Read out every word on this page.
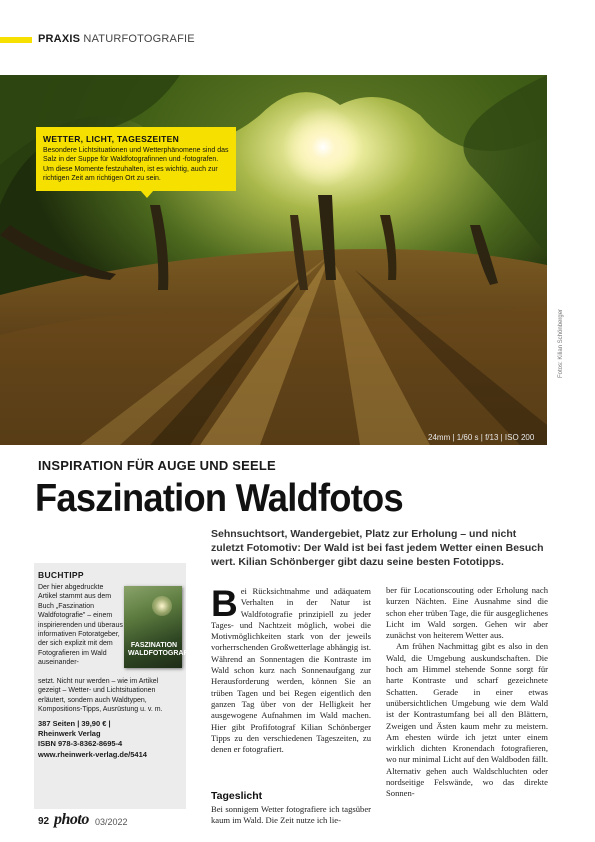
PRAXIS NATURFOTOGRAFIE
24mm | 1/60 s | f/13 | ISO 200
Fotos: Kilian Schönberger
WETTER, LICHT, TAGESZEITEN
Besondere Lichtsituationen und Wetterphänomene sind das Salz in der Suppe für Waldfotografinnen und -fotografen. Um diese Momente festzuhalten, ist es wichtig, auch zur richtigen Zeit am richtigen Ort zu sein.
INSPIRATION FÜR AUGE UND SEELE
Faszination Waldfotos
Sehnsuchtsort, Wandergebiet, Platz zur Erholung – und nicht zuletzt Fotomotiv: Der Wald ist bei fast jedem Wetter einen Besuch wert. Kilian Schönberger gibt dazu seine besten Fototipps.
BUCHTIPP
Der hier abgedruckte Artikel stammt aus dem Buch „Faszination Waldfotografie" – einem inspirierenden und überaus informativen Fotoratgeber, der sich explizit mit dem Fotografieren im Wald auseinander-
FASZINATION WALDFOTOGRAFIE
setzt. Nicht nur werden – wie im Artikel gezeigt – Wetter- und Lichtsituationen erläutert, sondern auch Waldtypen, Kompositions-Tipps, Ausrüstung u. v. m.
387 Seiten | 39,90 € |
Rheinwerk Verlag
ISBN 978-3-8362-8695-4
www.rheinwerk-verlag.de/5414
B ei Rücksichtnahme und adäquatem Verhalten in der Natur ist Waldfotografie prinzipiell zu jeder Tages- und Nachtzeit möglich, wobei die Motivmöglichkeiten stark von der jeweils vorherrschenden Großwetterlage abhängig ist. Während an Sonnentagen die Kontraste im Wald schon kurz nach Sonnenaufgang zur Herausforderung werden, können Sie an trüben Tagen und bei Regen eigentlich den ganzen Tag über von der Helligkeit her ausgewogene Aufnahmen im Wald machen. Hier gibt Profifotograf Kilian Schönberger Tipps zu den verschiedenen Tageszeiten, zu denen er fotografiert.
Tageslicht
Bei sonnigem Wetter fotografiere ich tagsüber kaum im Wald. Die Zeit nutze ich lie-

ber für Locationscouting oder Erholung nach kurzen Nächten. Eine Ausnahme sind die schon eher trüben Tage, die für ausgeglichenes Licht im Wald sorgen. Gehen wir aber zunächst von heiterem Wetter aus.

Am frühen Nachmittag gibt es also in den Wald, die Umgebung auskundschaften. Die hoch am Himmel stehende Sonne sorgt für harte Kontraste und scharf gezeichnete Schatten. Gerade in einer etwas unübersichtlichen Umgebung wie dem Wald ist der Kontrastumfang bei all den Blättern, Zweigen und Ästen kaum mehr zu meistern. Am ehesten würde ich jetzt unter einem wirklich dichten Kronendach fotografieren, wo nur minimal Licht auf den Waldboden fällt. Alternativ gehen auch Waldschluchten oder nordseitige Felswände, wo das direkte Sonnen-

92 photo 03/2022
